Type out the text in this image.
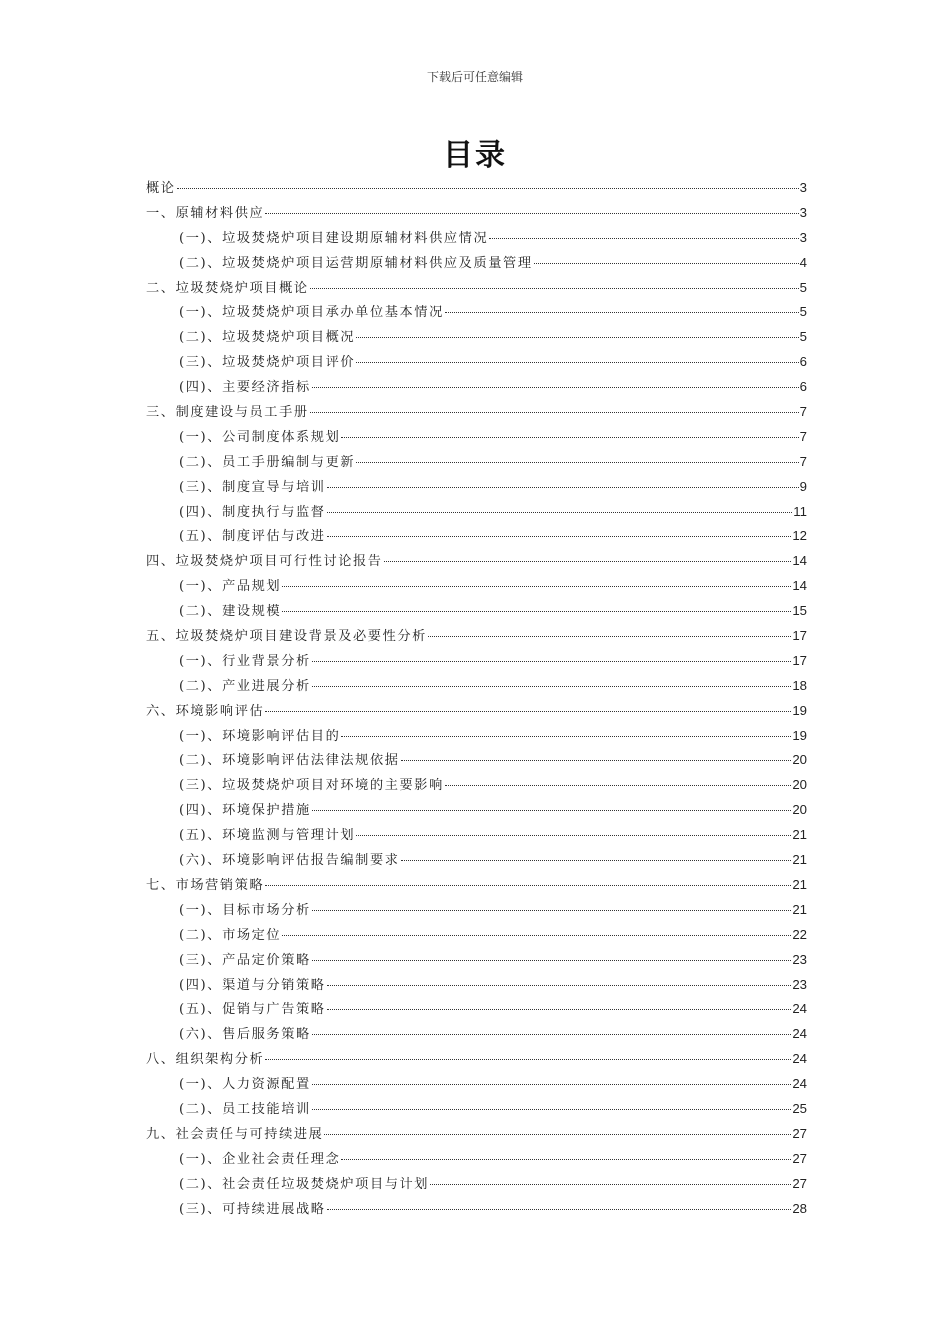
下载后可任意编辑
目录
概论	3
一、原辅材料供应	3
(一)、垃圾焚烧炉项目建设期原辅材料供应情况	3
(二)、垃圾焚烧炉项目运营期原辅材料供应及质量管理	4
二、垃圾焚烧炉项目概论	5
(一)、垃圾焚烧炉项目承办单位基本情况	5
(二)、垃圾焚烧炉项目概况	5
(三)、垃圾焚烧炉项目评价	6
(四)、主要经济指标	6
三、制度建设与员工手册	7
(一)、公司制度体系规划	7
(二)、员工手册编制与更新	7
(三)、制度宣导与培训	9
(四)、制度执行与监督	11
(五)、制度评估与改进	12
四、垃圾焚烧炉项目可行性讨论报告	14
(一)、产品规划	14
(二)、建设规模	15
五、垃圾焚烧炉项目建设背景及必要性分析	17
(一)、行业背景分析	17
(二)、产业进展分析	18
六、环境影响评估	19
(一)、环境影响评估目的	19
(二)、环境影响评估法律法规依据	20
(三)、垃圾焚烧炉项目对环境的主要影响	20
(四)、环境保护措施	20
(五)、环境监测与管理计划	21
(六)、环境影响评估报告编制要求	21
七、市场营销策略	21
(一)、目标市场分析	21
(二)、市场定位	22
(三)、产品定价策略	23
(四)、渠道与分销策略	23
(五)、促销与广告策略	24
(六)、售后服务策略	24
八、组织架构分析	24
(一)、人力资源配置	24
(二)、员工技能培训	25
九、社会责任与可持续进展	27
(一)、企业社会责任理念	27
(二)、社会责任垃圾焚烧炉项目与计划	27
(三)、可持续进展战略	28
